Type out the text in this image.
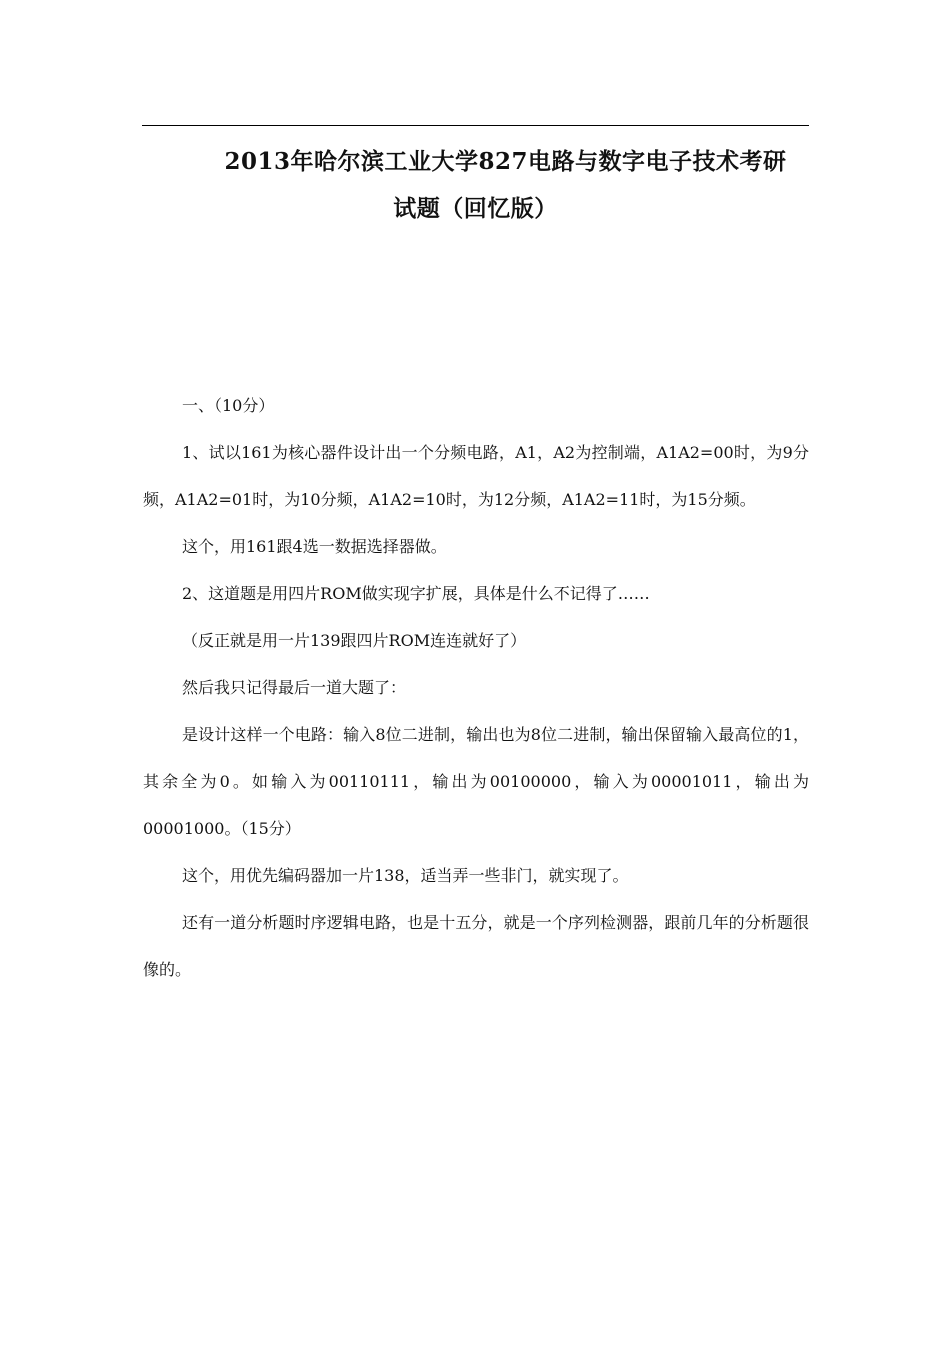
2013年哈尔滨工业大学827电路与数字电子技术考研
试题（回忆版）

一、（10分）

1、试以161为核心器件设计出一个分频电路，A1，A2为控制端，A1A2=00时，为9分频，A1A2=01时，为10分频，A1A2=10时，为12分频，A1A2=11时，为15分频。

这个，用161跟4选一数据选择器做。

2、这道题是用四片ROM做实现字扩展，具体是什么不记得了……

（反正就是用一片139跟四片ROM连连就好了）

然后我只记得最后一道大题了：

是设计这样一个电路：输入8位二进制，输出也为8位二进制，输出保留输入最高位的1，其余全为0。如输入为00110111，输出为00100000，输入为00001011，输出为00001000。（15分）

这个，用优先编码器加一片138，适当弄一些非门，就实现了。

还有一道分析题时序逻辑电路，也是十五分，就是一个序列检测器，跟前几年的分析题很像的。
